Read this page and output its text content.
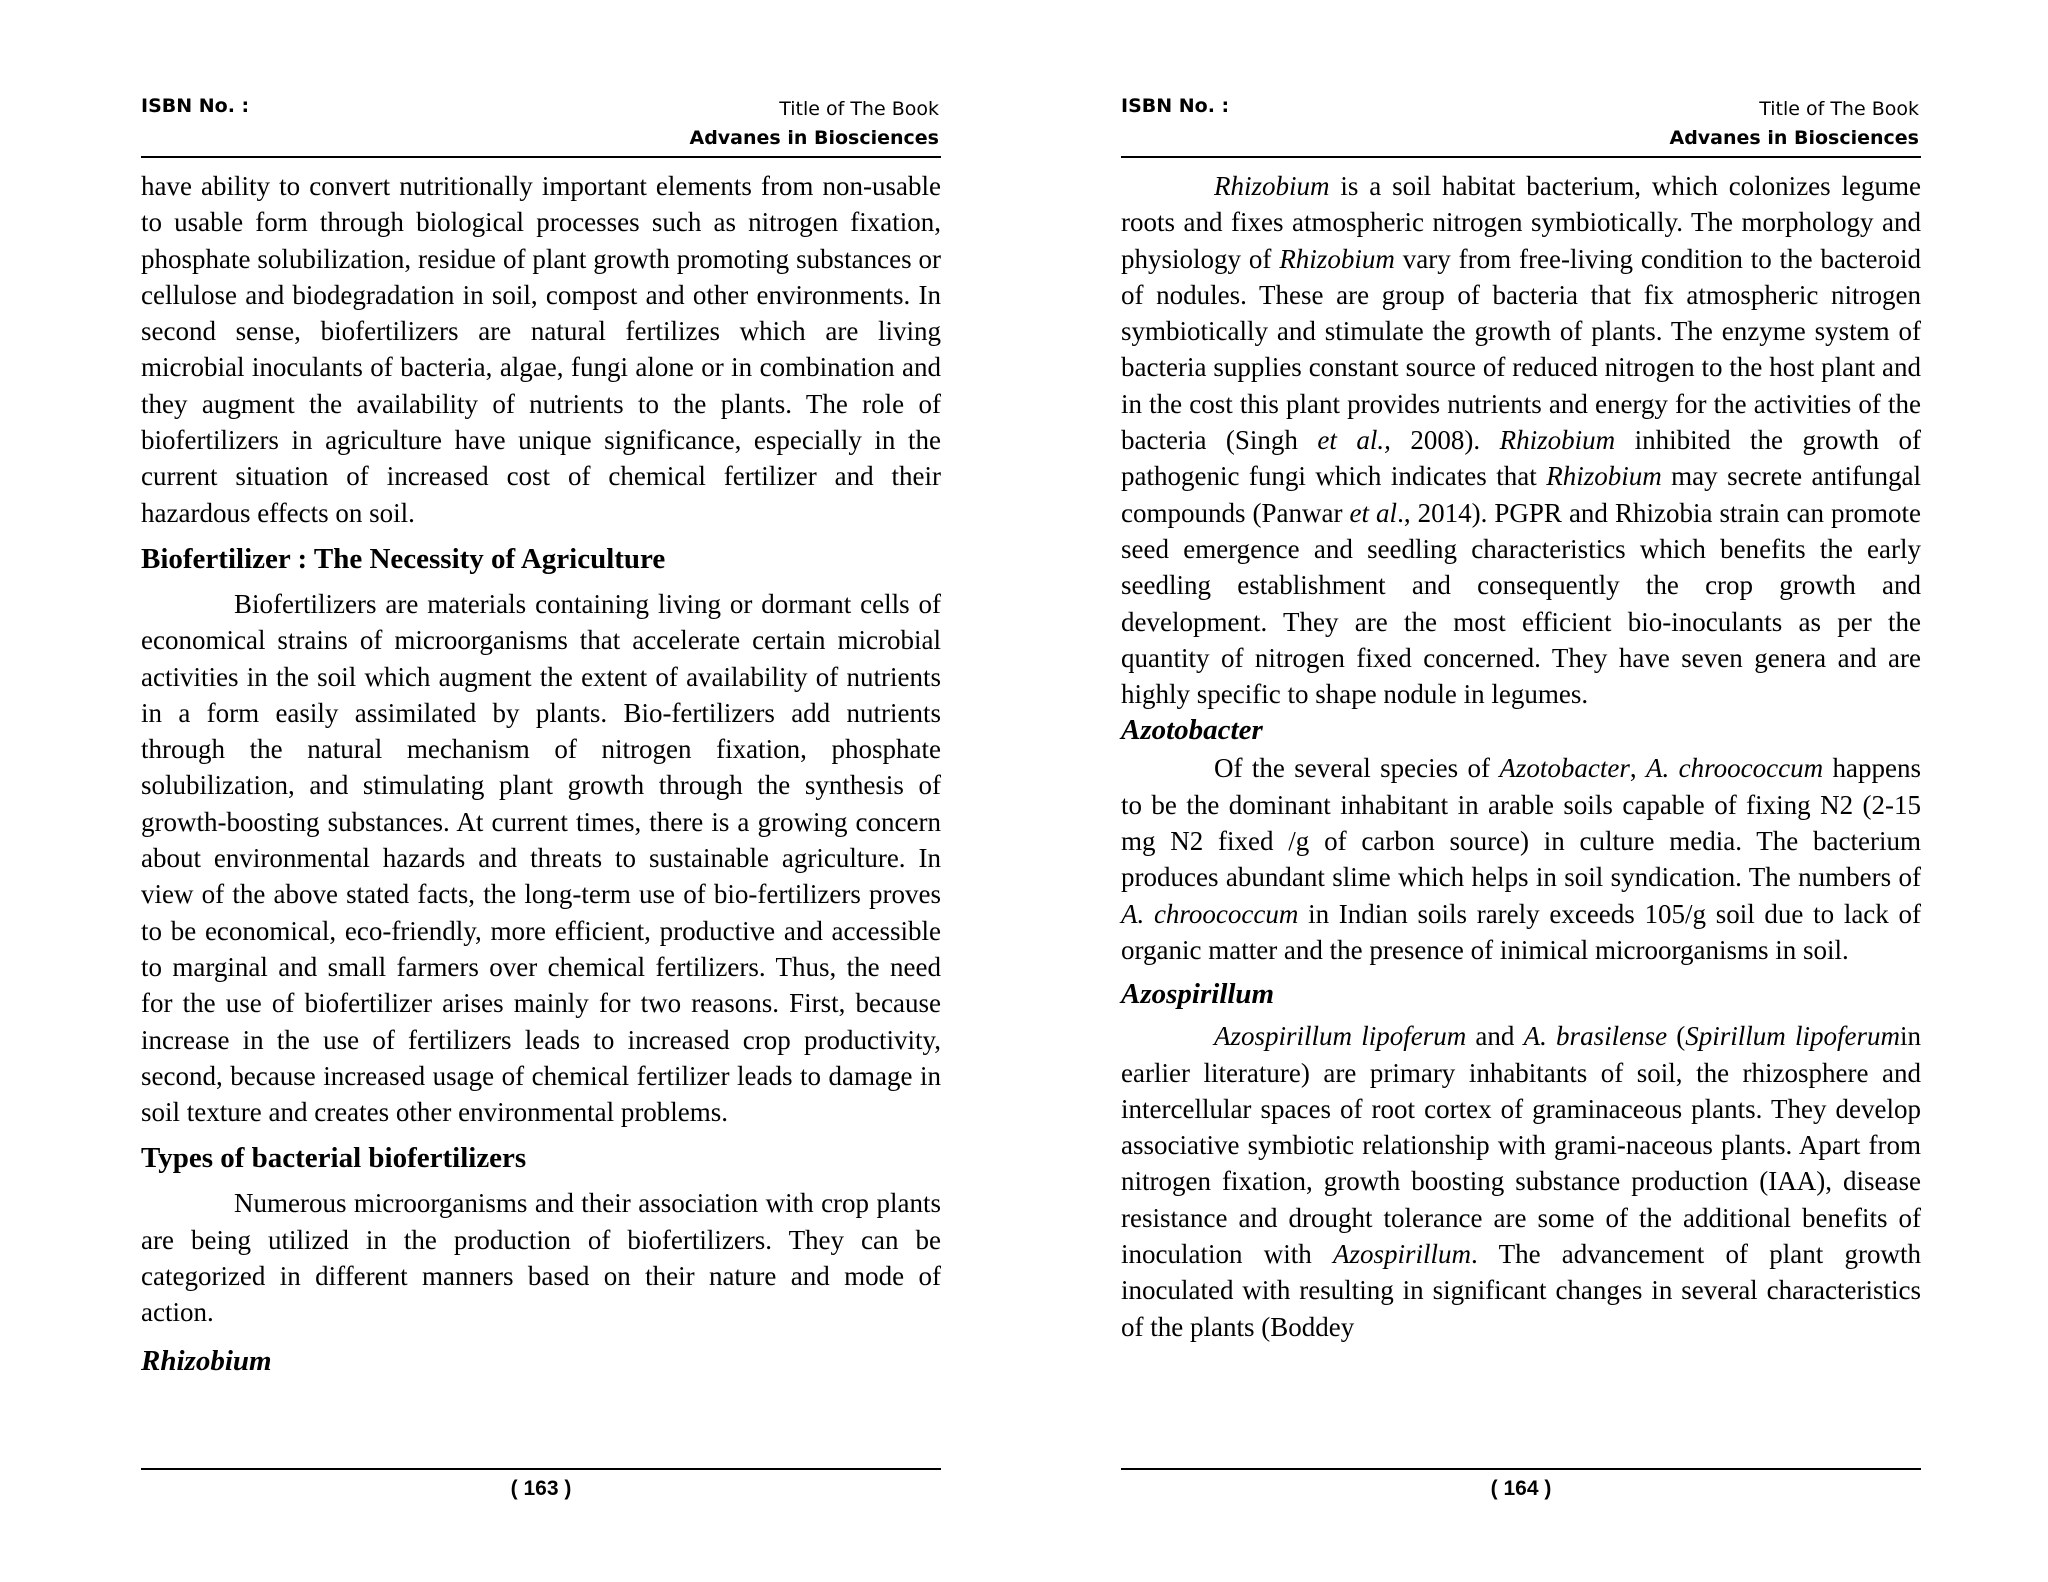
ISBN No. :	Title of The Book
Advanes in Biosciences

have ability to convert nutritionally important elements from non-usable to usable form through biological processes such as nitrogen fixation, phosphate solubilization, residue of plant growth promoting substances or cellulose and biodegradation in soil, compost and other environments. In second sense, biofertilizers are natural fertilizes which are living microbial inoculants of bacteria, algae, fungi alone or in combination and they augment the availability of nutrients to the plants. The role of biofertilizers in agriculture have unique significance, especially in the current situation of increased cost of chemical fertilizer and their hazardous effects on soil.

Biofertilizer : The Necessity of Agriculture

Biofertilizers are materials containing living or dormant cells of economical strains of microorganisms that accelerate certain microbial activities in the soil which augment the extent of availability of nutrients in a form easily assimilated by plants. Bio-fertilizers add nutrients through the natural mechanism of nitrogen fixation, phosphate solubilization, and stimulating plant growth through the synthesis of growth-boosting substances. At current times, there is a growing concern about environmental hazards and threats to sustainable agriculture. In view of the above stated facts, the long-term use of bio-fertilizers proves to be economical, eco-friendly, more efficient, productive and accessible to marginal and small farmers over chemical fertilizers. Thus, the need for the use of biofertilizer arises mainly for two reasons. First, because increase in the use of fertilizers leads to increased crop productivity, second, because increased usage of chemical fertilizer leads to damage in soil texture and creates other environmental problems.

Types of bacterial biofertilizers

Numerous microorganisms and their association with crop plants are being utilized in the production of biofertilizers. They can be categorized in different manners based on their nature and mode of action.

Rhizobium
( 163 )
ISBN No. :	Title of The Book
Advanes in Biosciences

Rhizobium is a soil habitat bacterium, which colonizes legume roots and fixes atmospheric nitrogen symbiotically. The morphology and physiology of Rhizobium vary from free-living condition to the bacteroid of nodules. These are group of bacteria that fix atmospheric nitrogen symbiotically and stimulate the growth of plants. The enzyme system of bacteria supplies constant source of reduced nitrogen to the host plant and in the cost this plant provides nutrients and energy for the activities of the bacteria (Singh et al., 2008). Rhizobium inhibited the growth of pathogenic fungi which indicates that Rhizobium may secrete antifungal compounds (Panwar et al., 2014). PGPR and Rhizobia strain can promote seed emergence and seedling characteristics which benefits the early seedling establishment and consequently the crop growth and development. They are the most efficient bio-inoculants as per the quantity of nitrogen fixed concerned. They have seven genera and are highly specific to shape nodule in legumes.

Azotobacter

Of the several species of Azotobacter, A. chroococcum happens to be the dominant inhabitant in arable soils capable of fixing N2 (2-15 mg N2 fixed /g of carbon source) in culture media. The bacterium produces abundant slime which helps in soil syndication. The numbers of A. chroococcum in Indian soils rarely exceeds 105/g soil due to lack of organic matter and the presence of inimical microorganisms in soil.

Azospirillum

Azospirillum lipoferum and A. brasilense (Spirillum lipoferumin earlier literature) are primary inhabitants of soil, the rhizosphere and intercellular spaces of root cortex of graminaceous plants. They develop associative symbiotic relationship with grami-naceous plants. Apart from nitrogen fixation, growth boosting substance production (IAA), disease resistance and drought tolerance are some of the additional benefits of inoculation with Azospirillum. The advancement of plant growth inoculated with resulting in significant changes in several characteristics of the plants (Boddey

( 164 )
